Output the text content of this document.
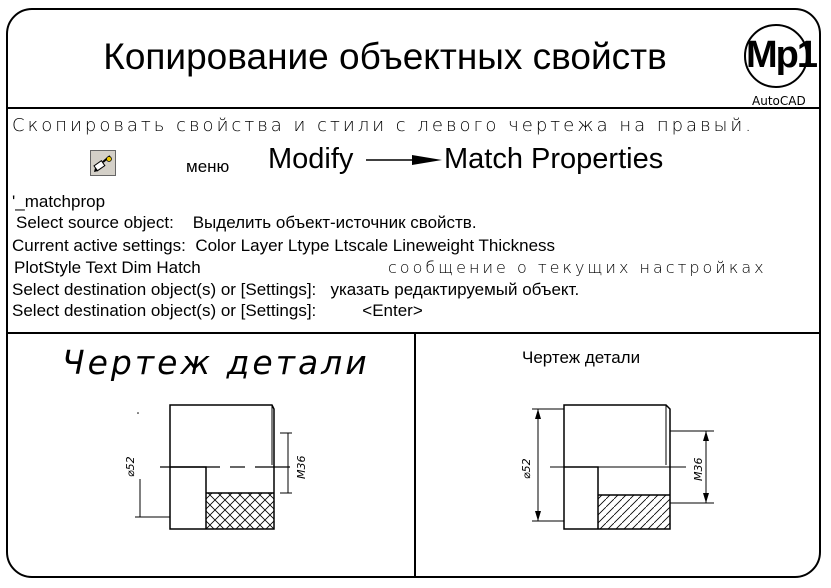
Копирование объектных свойств	Mp1
AutoCAD
Скопировать свойства и стили с левого чертежа на правый.
меню Modify	Match Properties
'_matchprop
Select source object: Выделить объект-источник свойств.
Current active settings: Color Layer Ltype Ltscale Lineweight Thickness
PlotStyle Text Dim Hatch	сообщение о текущих настройках
Select destination object(s) or [Settings]: указать редактируемый объект.
Select destination object(s) or [Settings]:	<Enter>
Чертеж детали	Чертеж детали
⌀52	M36	⌀52	M36
